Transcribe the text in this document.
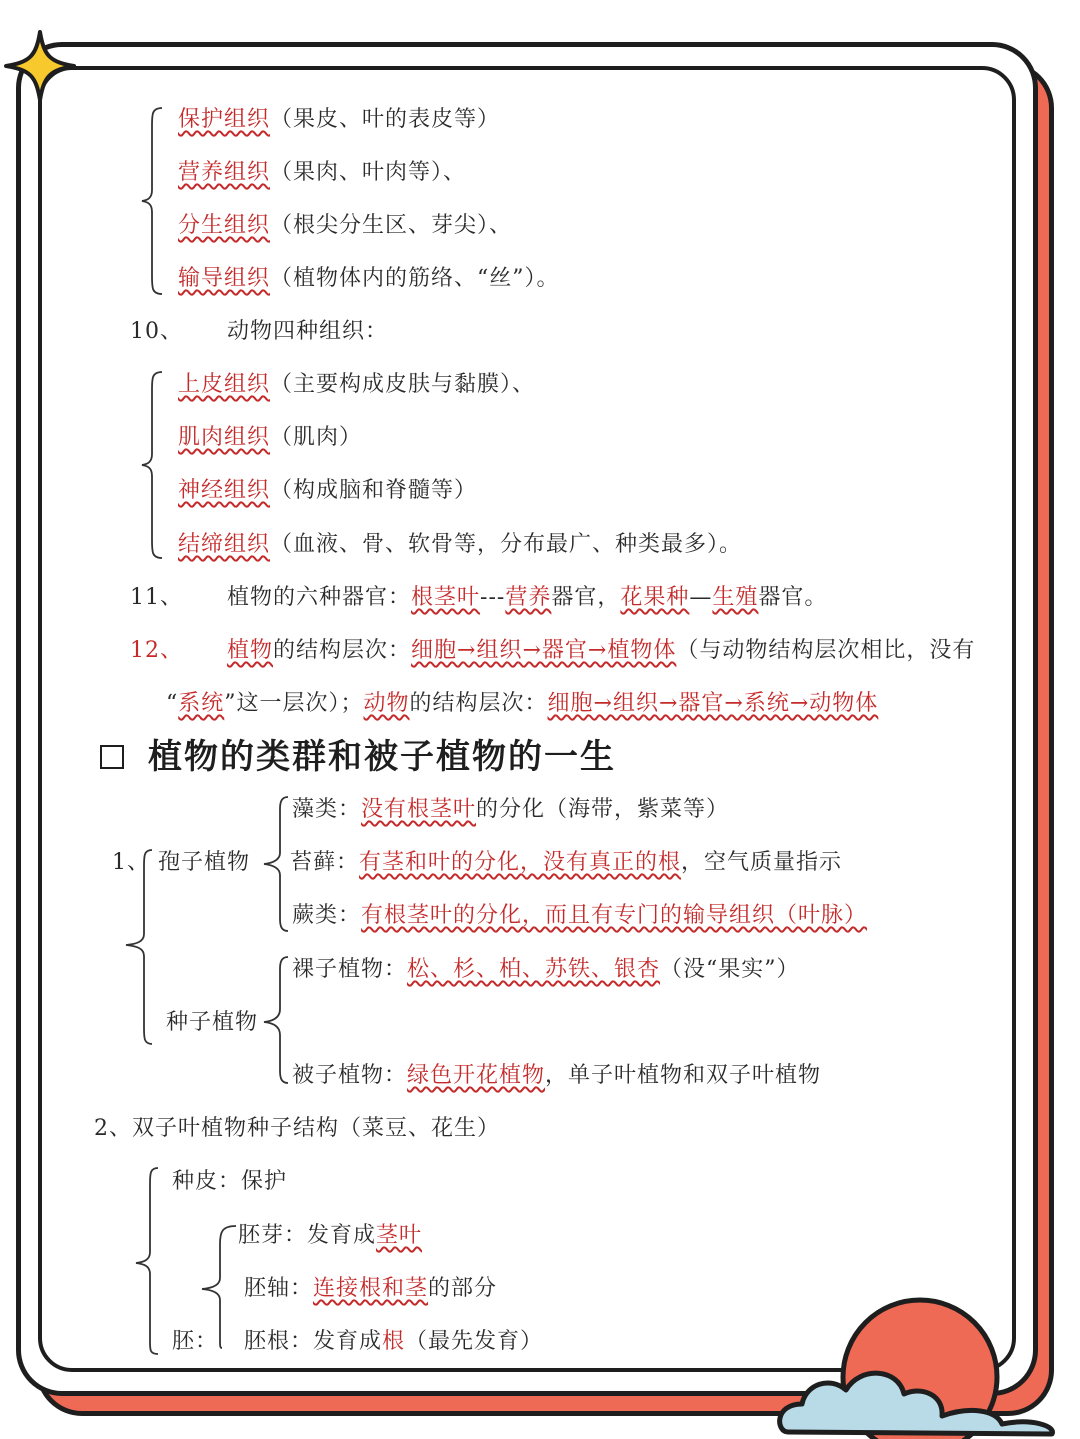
保护组织（果皮、叶的表皮等）
营养组织（果肉、叶肉等）、
分生组织（根尖分生区、芽尖）、
输导组织（植物体内的筋络、“丝”）。
10、 动物四种组织：
上皮组织（主要构成皮肤与黏膜）、
肌肉组织（肌肉）
神经组织（构成脑和脊髓等）
结缔组织（血液、骨、软骨等，分布最广、种类最多）。
11、 植物的六种器官：根茎叶---营养器官，花果种—生殖器官。
12、 植物的结构层次：细胞→组织→器官→植物体（与动物结构层次相比，没有
“系统”这一层次）；动物的结构层次：细胞→组织→器官→系统→动物体
植物的类群和被子植物的一生
1、 孢子植物
藻类：没有根茎叶的分化（海带，紫菜等）
苔藓：有茎和叶的分化，没有真正的根，空气质量指示
蕨类：有根茎叶的分化，而且有专门的输导组织（叶脉）
种子植物
裸子植物：松、杉、柏、苏铁、银杏（没“果实”）
被子植物：绿色开花植物，单子叶植物和双子叶植物
2、双子叶植物种子结构（菜豆、花生）
种皮：保护
胚：
胚芽：发育成茎叶
胚轴：连接根和茎的部分
胚根：发育成根（最先发育）
